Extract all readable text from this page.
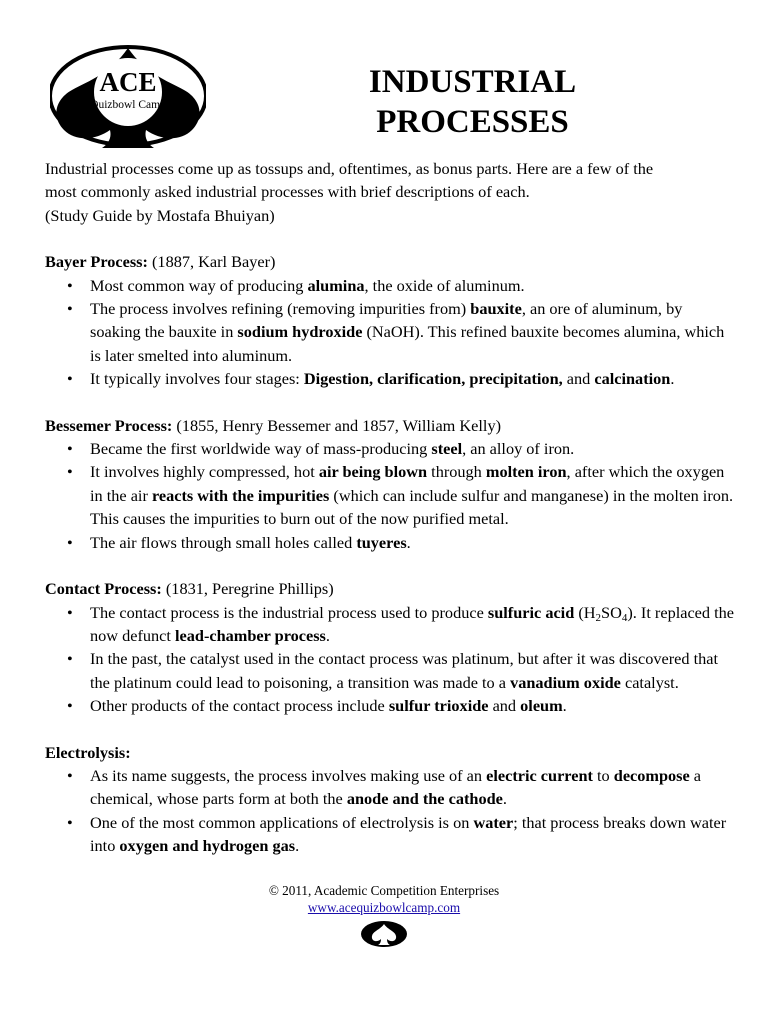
ACE
Quizbowl Camp
INDUSTRIAL
PROCESSES

Industrial processes come up as tossups and, oftentimes, as bonus parts. Here are a few of the
most commonly asked industrial processes with brief descriptions of each.
(Study Guide by Mostafa Bhuiyan)

Bayer Process: (1887, Karl Bayer)

• Most common way of producing alumina, the oxide of aluminum.
• The process involves refining (removing impurities from) bauxite, an ore of aluminum, by soaking the bauxite in sodium hydroxide (NaOH). This refined bauxite becomes alumina, which is later smelted into aluminum.
• It typically involves four stages: Digestion, clarification, precipitation, and calcination.

Bessemer Process: (1855, Henry Bessemer and 1857, William Kelly)

• Became the first worldwide way of mass-producing steel, an alloy of iron.
• It involves highly compressed, hot air being blown through molten iron, after which the oxygen in the air reacts with the impurities (which can include sulfur and manganese) in the molten iron. This causes the impurities to burn out of the now purified metal.
• The air flows through small holes called tuyeres.

Contact Process: (1831, Peregrine Phillips)

• The contact process is the industrial process used to produce sulfuric acid $(H_2SO_4)$. It replaced the now defunct lead-chamber process.
• In the past, the catalyst used in the contact process was platinum, but after it was discovered that the platinum could lead to poisoning, a transition was made to a vanadium oxide catalyst.
• Other products of the contact process include sulfur trioxide and oleum.

Electrolysis:

• As its name suggests, the process involves making use of an electric current to decompose a chemical, whose parts form at both the anode and the cathode.
• One of the most common applications of electrolysis is on water; that process breaks down water into oxygen and hydrogen gas.
© 2011, Academic Competition Enterprises
www.acequizbowlcamp.com
